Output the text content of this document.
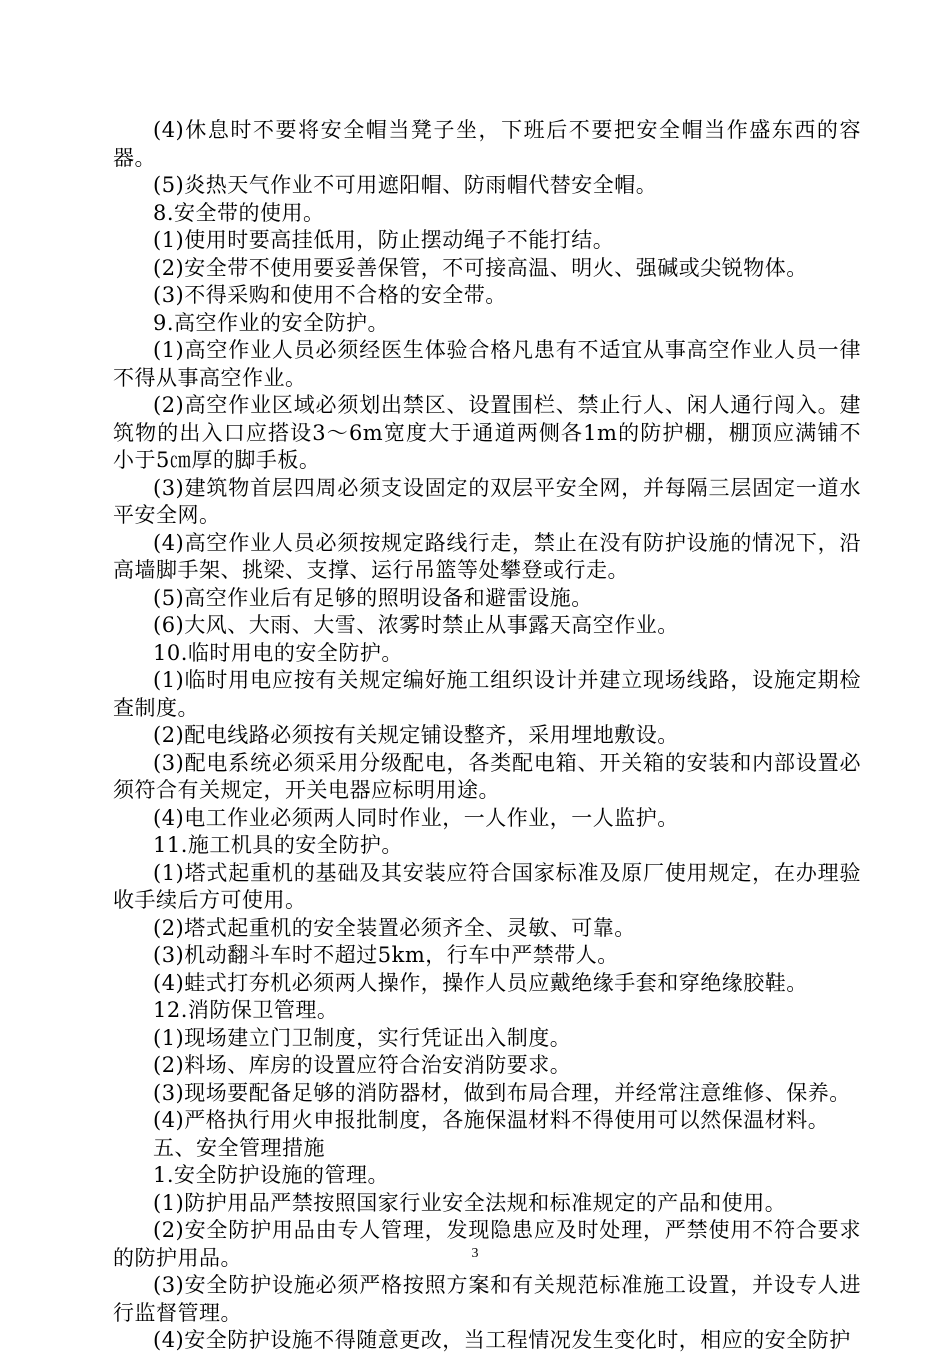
(4)休息时不要将安全帽当凳子坐，下班后不要把安全帽当作盛东西的容器。

(5)炎热天气作业不可用遮阳帽、防雨帽代替安全帽。

8.安全带的使用。

(1)使用时要高挂低用，防止摆动绳子不能打结。

(2)安全带不使用要妥善保管，不可接高温、明火、强碱或尖锐物体。

(3)不得采购和使用不合格的安全带。

9.高空作业的安全防护。

(1)高空作业人员必须经医生体验合格凡患有不适宜从事高空作业人员一律不得从事高空作业。

(2)高空作业区域必须划出禁区、设置围栏、禁止行人、闲人通行闯入。建筑物的出入口应搭设3～6m宽度大于通道两侧各1m的防护棚，棚顶应满铺不小于5㎝厚的脚手板。

(3)建筑物首层四周必须支设固定的双层平安全网，并每隔三层固定一道水平安全网。

(4)高空作业人员必须按规定路线行走，禁止在没有防护设施的情况下，沿高墙脚手架、挑梁、支撑、运行吊篮等处攀登或行走。

(5)高空作业后有足够的照明设备和避雷设施。

(6)大风、大雨、大雪、浓雾时禁止从事露天高空作业。

10.临时用电的安全防护。

(1)临时用电应按有关规定编好施工组织设计并建立现场线路，设施定期检查制度。

(2)配电线路必须按有关规定铺设整齐，采用埋地敷设。

(3)配电系统必须采用分级配电，各类配电箱、开关箱的安装和内部设置必须符合有关规定，开关电器应标明用途。

(4)电工作业必须两人同时作业，一人作业，一人监护。

11.施工机具的安全防护。

(1)塔式起重机的基础及其安装应符合国家标准及原厂使用规定，在办理验收手续后方可使用。

(2)塔式起重机的安全装置必须齐全、灵敏、可靠。

(3)机动翻斗车时不超过5km，行车中严禁带人。

(4)蛙式打夯机必须两人操作，操作人员应戴绝缘手套和穿绝缘胶鞋。

12.消防保卫管理。

(1)现场建立门卫制度，实行凭证出入制度。

(2)料场、库房的设置应符合治安消防要求。

(3)现场要配备足够的消防器材，做到布局合理，并经常注意维修、保养。

(4)严格执行用火申报批制度，各施保温材料不得使用可以然保温材料。

五、安全管理措施

1.安全防护设施的管理。

(1)防护用品严禁按照国家行业安全法规和标准规定的产品和使用。

(2)安全防护用品由专人管理，发现隐患应及时处理，严禁使用不符合要求的防护用品。

(3)安全防护设施必须严格按照方案和有关规范标准施工设置，并设专人进行监督管理。

(4)安全防护设施不得随意更改，当工程情况发生变化时，相应的安全防护

3
